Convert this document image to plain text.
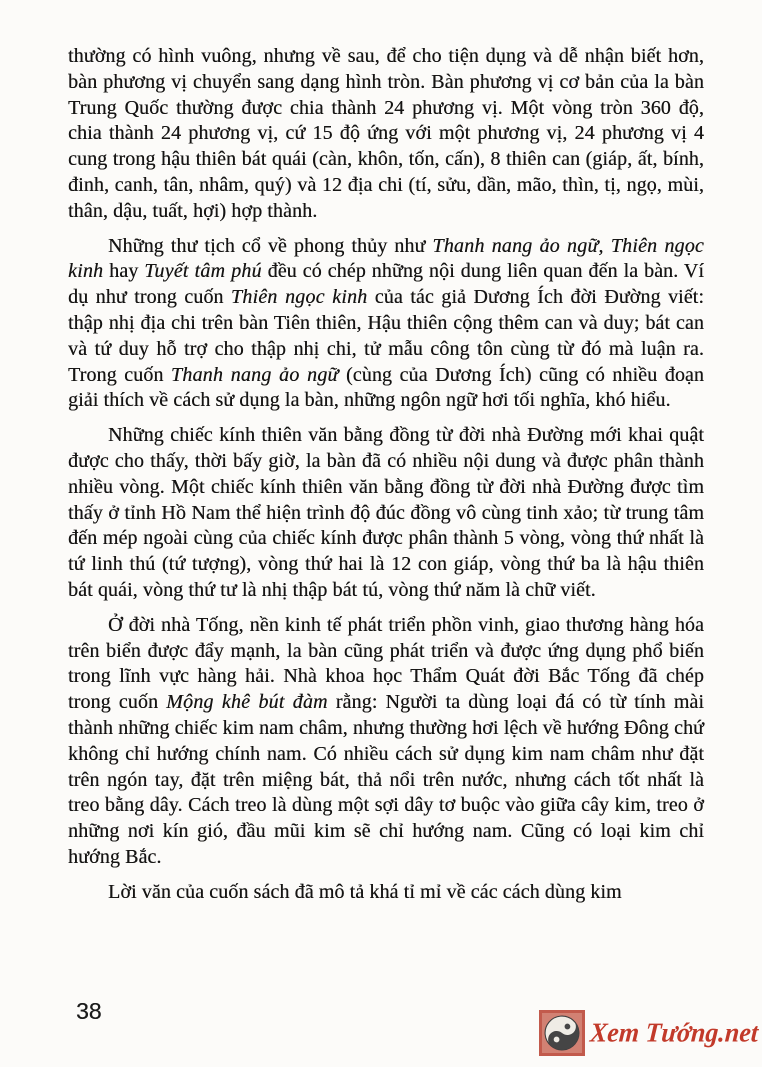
thường có hình vuông, nhưng về sau, để cho tiện dụng và dễ nhận biết hơn, bàn phương vị chuyển sang dạng hình tròn. Bàn phương vị cơ bản của la bàn Trung Quốc thường được chia thành 24 phương vị. Một vòng tròn 360 độ, chia thành 24 phương vị, cứ 15 độ ứng với một phương vị, 24 phương vị 4 cung trong hậu thiên bát quái (càn, khôn, tốn, cấn), 8 thiên can (giáp, ất, bính, đinh, canh, tân, nhâm, quý) và 12 địa chi (tí, sửu, dần, mão, thìn, tị, ngọ, mùi, thân, dậu, tuất, hợi) hợp thành.

Những thư tịch cổ về phong thủy như Thanh nang ảo ngữ, Thiên ngọc kinh hay Tuyết tâm phú đều có chép những nội dung liên quan đến la bàn. Ví dụ như trong cuốn Thiên ngọc kinh của tác giả Dương Ích đời Đường viết: thập nhị địa chi trên bàn Tiên thiên, Hậu thiên cộng thêm can và duy; bát can và tứ duy hỗ trợ cho thập nhị chi, tử mẫu công tôn cùng từ đó mà luận ra. Trong cuốn Thanh nang ảo ngữ (cùng của Dương Ích) cũng có nhiều đoạn giải thích về cách sử dụng la bàn, những ngôn ngữ hơi tối nghĩa, khó hiểu.

Những chiếc kính thiên văn bằng đồng từ đời nhà Đường mới khai quật được cho thấy, thời bấy giờ, la bàn đã có nhiều nội dung và được phân thành nhiều vòng. Một chiếc kính thiên văn bằng đồng từ đời nhà Đường được tìm thấy ở tỉnh Hồ Nam thể hiện trình độ đúc đồng vô cùng tinh xảo; từ trung tâm đến mép ngoài cùng của chiếc kính được phân thành 5 vòng, vòng thứ nhất là tứ linh thú (tứ tượng), vòng thứ hai là 12 con giáp, vòng thứ ba là hậu thiên bát quái, vòng thứ tư là nhị thập bát tú, vòng thứ năm là chữ viết.

Ở đời nhà Tống, nền kinh tế phát triển phồn vinh, giao thương hàng hóa trên biển được đẩy mạnh, la bàn cũng phát triển và được ứng dụng phổ biến trong lĩnh vực hàng hải. Nhà khoa học Thẩm Quát đời Bắc Tống đã chép trong cuốn Mộng khê bút đàm rằng: Người ta dùng loại đá có từ tính mài thành những chiếc kim nam châm, nhưng thường hơi lệch về hướng Đông chứ không chỉ hướng chính nam. Có nhiều cách sử dụng kim nam châm như đặt trên ngón tay, đặt trên miệng bát, thả nổi trên nước, nhưng cách tốt nhất là treo bằng dây. Cách treo là dùng một sợi dây tơ buộc vào giữa cây kim, treo ở những nơi kín gió, đầu mũi kim sẽ chỉ hướng nam. Cũng có loại kim chỉ hướng Bắc.

Lời văn của cuốn sách đã mô tả khá tỉ mỉ về các cách dùng kim

38
Xem Tướng.net
